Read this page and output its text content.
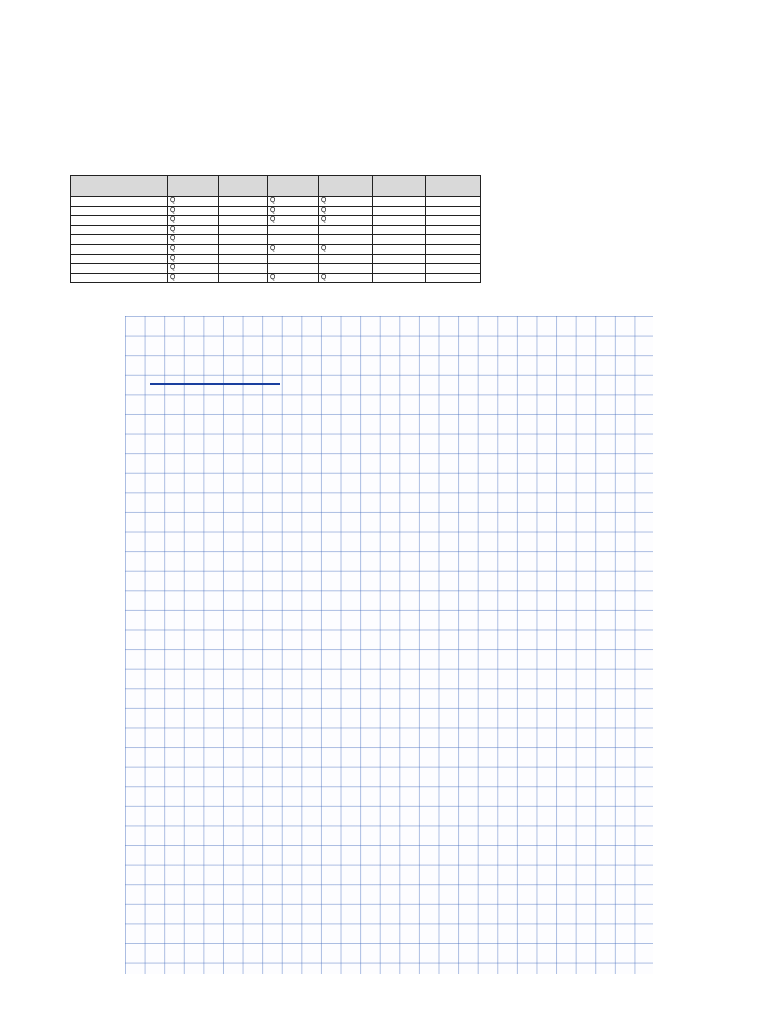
	Q		Q	Q		

	Q		Q	Q		

	Q		Q	Q		

	Q					

	Q					

	Q		Q	Q		

	Q					

	Q					

	Q		Q	Q		
